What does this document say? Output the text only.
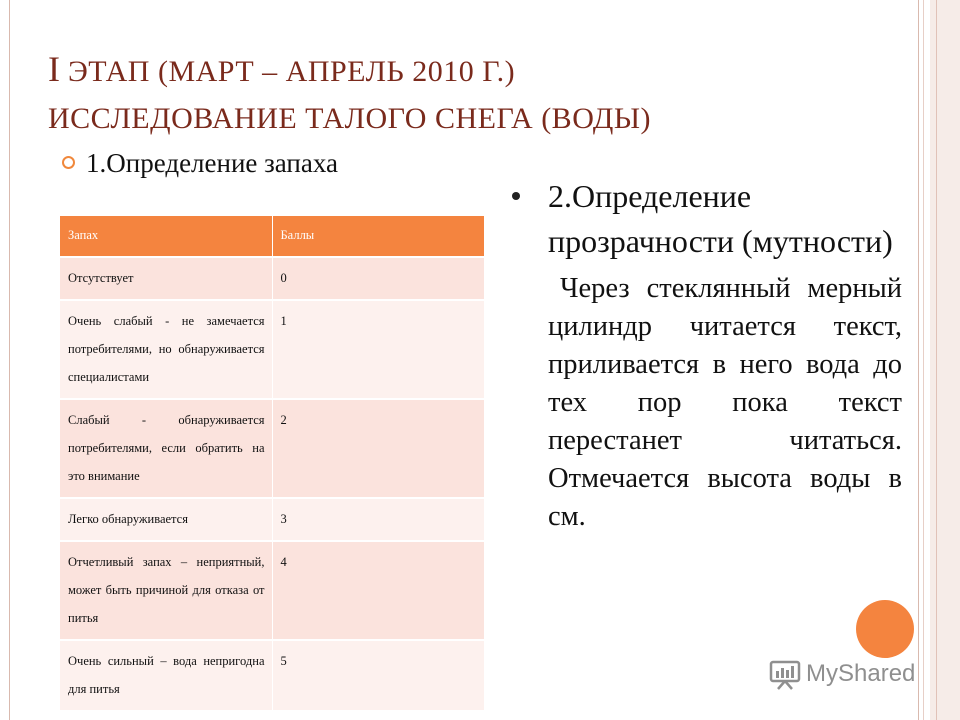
I ЭТАП (МАРТ – АПРЕЛЬ 2010 Г.)
ИССЛЕДОВАНИЕ ТАЛОГО СНЕГА (ВОДЫ)
1.Определение запаха
Запах	Баллы
Отсутствует	0
Очень слабый - не замечается потребителями, но обнаруживается специалистами	1
Слабый - обнаруживается потребителями, если обратить на это внимание	2
Легко обнаруживается	3
Отчетливый запах – неприятный, может быть причиной для отказа от питья	4
Очень сильный – вода непригодна для питья	5
2.Определение прозрачности (мутности)
Через стеклянный мерный цилиндр читается текст, приливается в него вода до тех пор пока текст перестанет читаться. Отмечается высота воды в см.
MyShared
